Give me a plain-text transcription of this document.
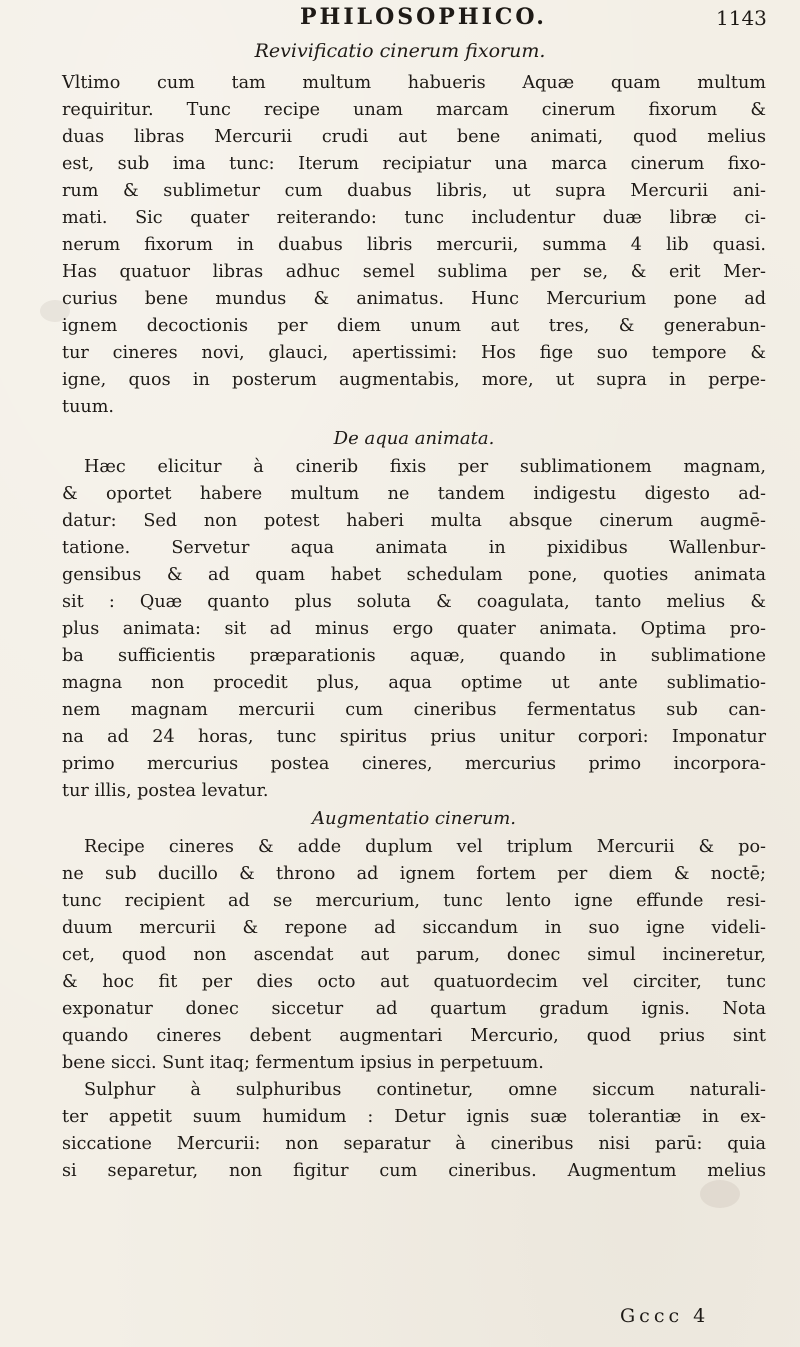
PHILOSOPHICO.	1143

Revivificatio cinerum fixorum.

Vltimo cum tam multum habueris Aquæ quam multum
requiritur. Tunc recipe unam marcam cinerum fixorum &
duas libras Mercurii crudi aut bene animati, quod melius
est, sub ima tunc: Iterum recipiatur una marca cinerum fixo-
rum & sublimetur cum duabus libris, ut supra Mercurii ani-
mati. Sic quater reiterando: tunc includentur duæ libræ ci-
nerum fixorum in duabus libris mercurii, summa 4 lib quasi.
Has quatuor libras adhuc semel sublima per se, & erit Mer-
curius bene mundus & animatus. Hunc Mercurium pone ad
ignem decoctionis per diem unum aut tres, & generabun-
tur cineres novi, glauci, apertissimi: Hos fige suo tempore &
igne, quos in posterum augmentabis, more, ut supra in perpe-
tuum.
De aqua animata.
Hæc elicitur à cinerib fixis per sublimationem magnam,
& oportet habere multum ne tandem indigestu digesto ad-
datur: Sed non potest haberi multa absque cinerum augmē-
tatione. Servetur aqua animata in pixidibus Wallenbur-
gensibus & ad quam habet schedulam pone, quoties animata
sit : Quæ quanto plus soluta & coagulata, tanto melius &
plus animata: sit ad minus ergo quater animata. Optima pro-
ba sufficientis præparationis aquæ, quando in sublimatione
magna non procedit plus, aqua optime ut ante sublimatio-
nem magnam mercurii cum cineribus fermentatus sub can-
na ad 24 horas, tunc spiritus prius unitur corpori: Imponatur
primo mercurius postea cineres, mercurius primo incorpora-
tur illis, postea levatur.
Augmentatio cinerum.
Recipe cineres & adde duplum vel triplum Mercurii & po-
ne sub ducillo & throno ad ignem fortem per diem & noctē;
tunc recipient ad se mercurium, tunc lento igne effunde resi-
duum mercurii & repone ad siccandum in suo igne videli-
cet, quod non ascendat aut parum, donec simul incineretur,
& hoc fit per dies octo aut quatuordecim vel circiter, tunc
exponatur donec siccetur ad quartum gradum ignis. Nota
quando cineres debent augmentari Mercurio, quod prius sint
bene sicci. Sunt itaq; fermentum ipsius in perpetuum.
Sulphur à sulphuribus continetur, omne siccum naturali-
ter appetit suum humidum : Detur ignis suæ tolerantiæ in ex-
siccatione Mercurii: non separatur à cineribus nisi parū: quia
si separetur, non figitur cum cineribus. Augmentum melius
Gccc 4
